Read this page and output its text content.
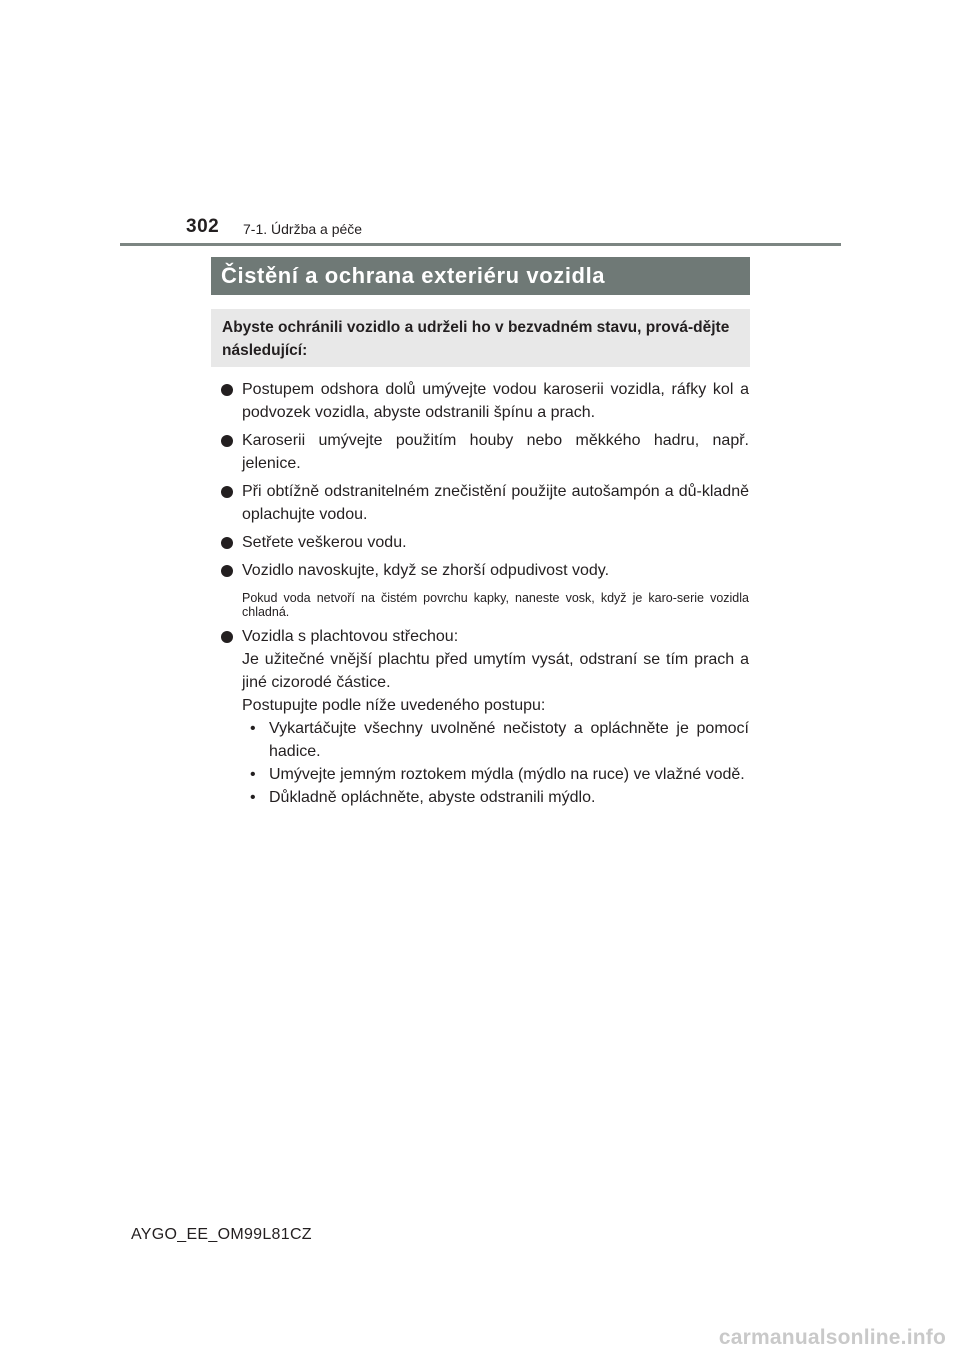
302 7-1. Údržba a péče
Čistění a ochrana exteriéru vozidla

Abyste ochránili vozidlo a udrželi ho v bezvadném stavu, prová-dějte následující:

Postupem odshora dolů umývejte vodou karoserii vozidla, ráfky kol a podvozek vozidla, abyste odstranili špínu a prach.
Karoserii umývejte použitím houby nebo měkkého hadru, např. jelenice.
Při obtížně odstranitelném znečistění použijte autošampón a dů-kladně oplachujte vodou.
Setřete veškerou vodu.
Vozidlo navoskujte, když se zhorší odpudivost vody.
Pokud voda netvoří na čistém povrchu kapky, naneste vosk, když je karo-serie vozidla chladná.
Vozidla s plachtovou střechou:
Je užitečné vnější plachtu před umytím vysát, odstraní se tím prach a jiné cizorodé částice.
Postupujte podle níže uvedeného postupu:
• Vykartáčujte všechny uvolněné nečistoty a opláchněte je pomocí hadice.
• Umývejte jemným roztokem mýdla (mýdlo na ruce) ve vlažné vodě.
• Důkladně opláchněte, abyste odstranili mýdlo.
AYGO_EE_OM99L81CZ
carmanualsonline.info
